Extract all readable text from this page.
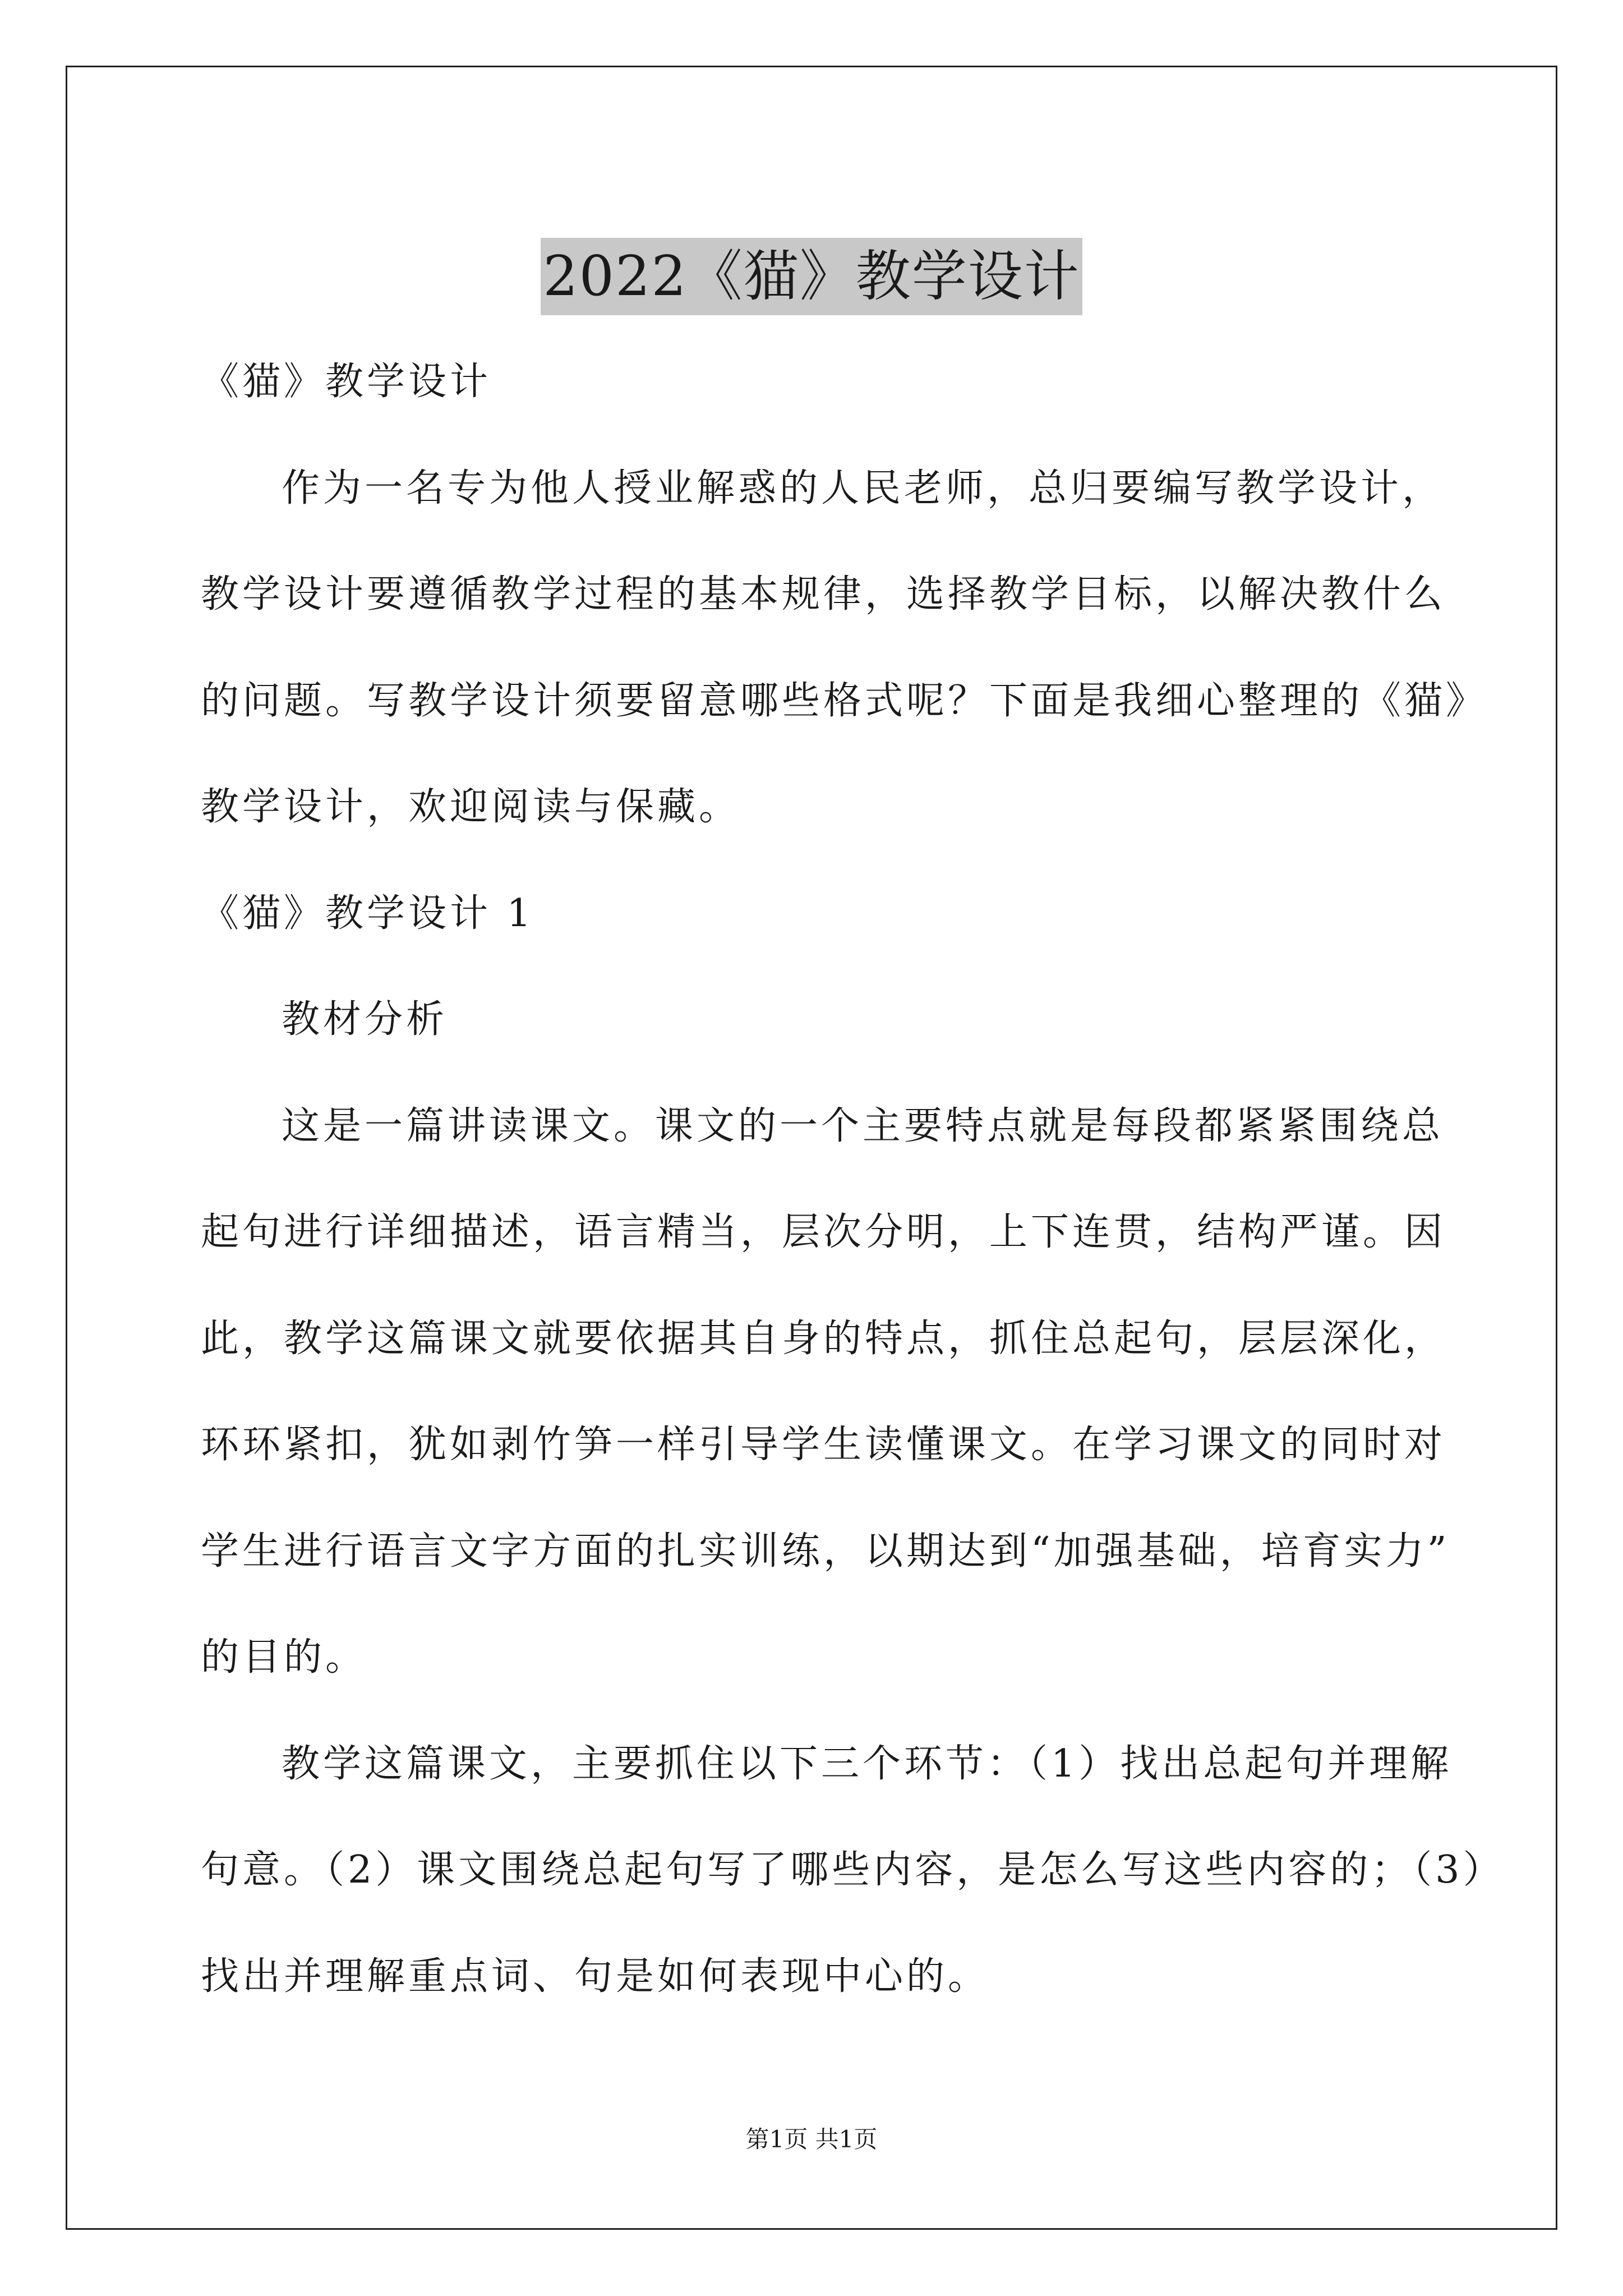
2022《猫》教学设计
《猫》教学设计
作为一名专为他人授业解惑的人民老师，总归要编写教学设计，
教学设计要遵循教学过程的基本规律，选择教学目标，以解决教什么
的问题。写教学设计须要留意哪些格式呢？下面是我细心整理的《猫》
教学设计，欢迎阅读与保藏。
《猫》教学设计 1
教材分析
这是一篇讲读课文。课文的一个主要特点就是每段都紧紧围绕总
起句进行详细描述，语言精当，层次分明，上下连贯，结构严谨。因
此，教学这篇课文就要依据其自身的特点，抓住总起句，层层深化，
环环紧扣，犹如剥竹笋一样引导学生读懂课文。在学习课文的同时对
学生进行语言文字方面的扎实训练，以期达到“加强基础，培育实力”
的目的。
教学这篇课文，主要抓住以下三个环节：（1）找出总起句并理解
句意。（2）课文围绕总起句写了哪些内容，是怎么写这些内容的；（3）
找出并理解重点词、句是如何表现中心的。
第1页 共1页
